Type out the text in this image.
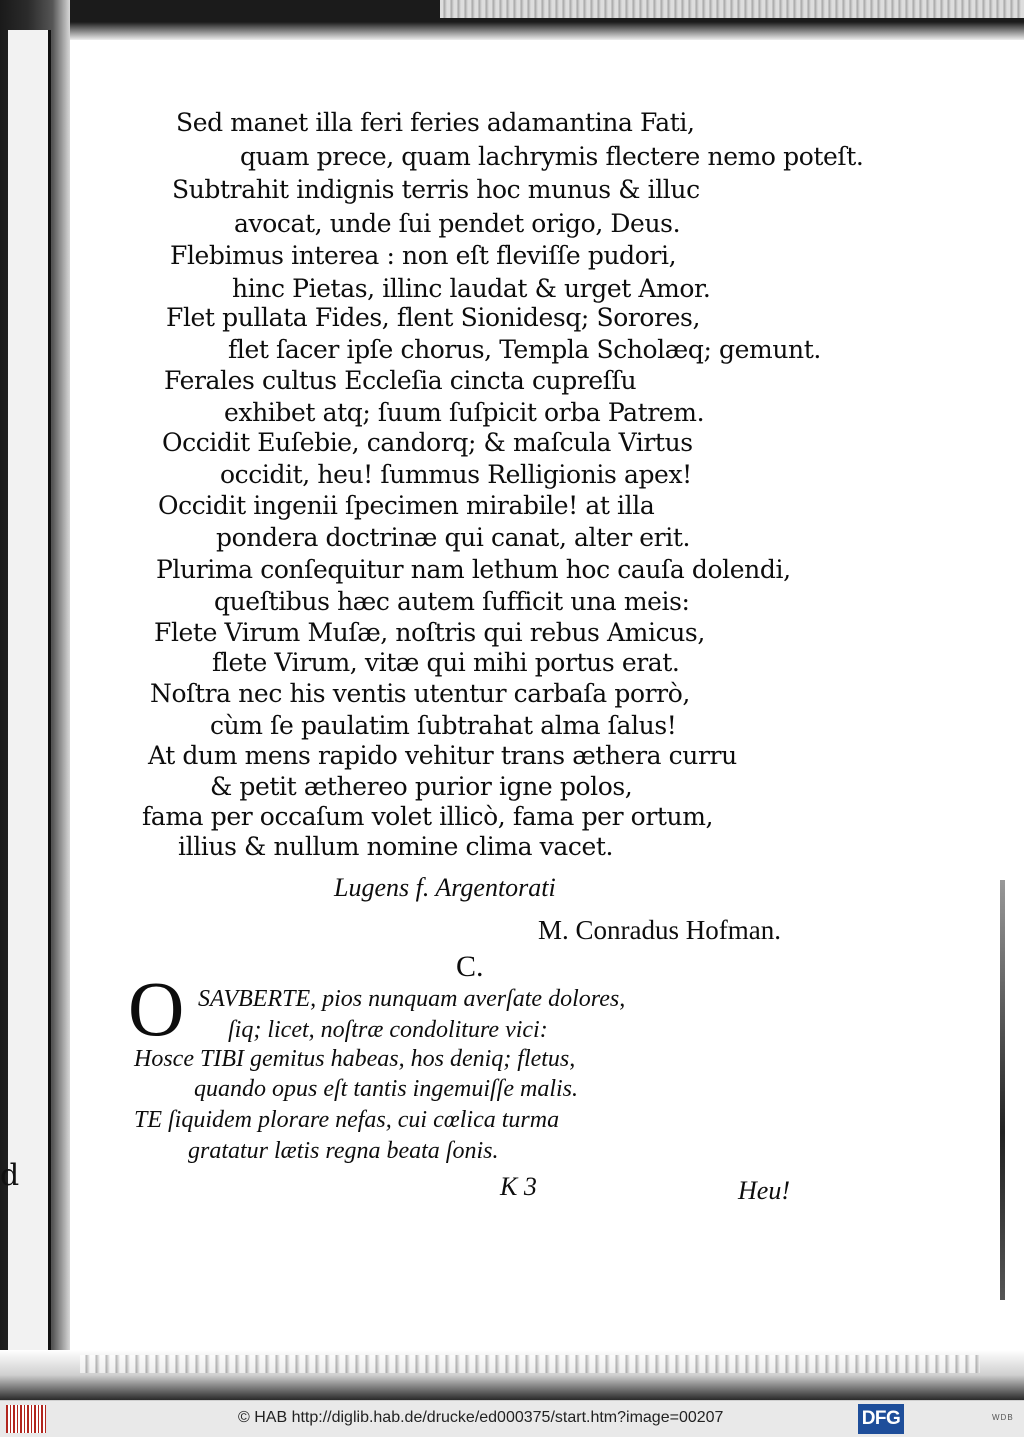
d
Sed manet illa feri feries adamantina Fati,
quam prece, quam lachrymis flectere nemo poteſt.
Subtrahit indignis terris hoc munus & illuc
avocat, unde ſui pendet origo, Deus.
Flebimus interea : non eſt fleviſſe pudori,
hinc Pietas, illinc laudat & urget Amor.
Flet pullata Fides, flent Sionidesq; Sorores,
flet ſacer ipſe chorus, Templa Scholæq; gemunt.
Ferales cultus Eccleſia cincta cupreſſu
exhibet atq; ſuum ſuſpicit orba Patrem.
Occidit Euſebie, candorq; & maſcula Virtus
occidit, heu! ſummus Relligionis apex!
Occidit ingenii ſpecimen mirabile! at illa
pondera doctrinæ qui canat, alter erit.
Plurima conſequitur nam lethum hoc cauſa dolendi,
queſtibus hæc autem ſufficit una meis:
Flete Virum Muſæ, noſtris qui rebus Amicus,
flete Virum, vitæ qui mihi portus erat.
Noſtra nec his ventis utentur carbaſa porrò,
cùm ſe paulatim ſubtrahat alma ſalus!
At dum mens rapido vehitur trans æthera curru
& petit æthereo purior igne polos,
fama per occaſum volet illicò, fama per ortum,
illius & nullum nomine clima vacet.
Lugens f. Argentorati
M. Conradus Hofman.
C.
O SAVBERTE, pios nunquam averſate dolores,
ſiq; licet, noſtræ condoliture vici:
Hosce TIBI gemitus habeas, hos deniq; fletus,
quando opus eſt tantis ingemuiſſe malis.
TE ſiquidem plorare nefas, cui cœlica turma
gratatur lætis regna beata ſonis.
K 3	Heu!
© HAB http://diglib.hab.de/drucke/ed000375/start.htm?image=00207	DFG	WDB
